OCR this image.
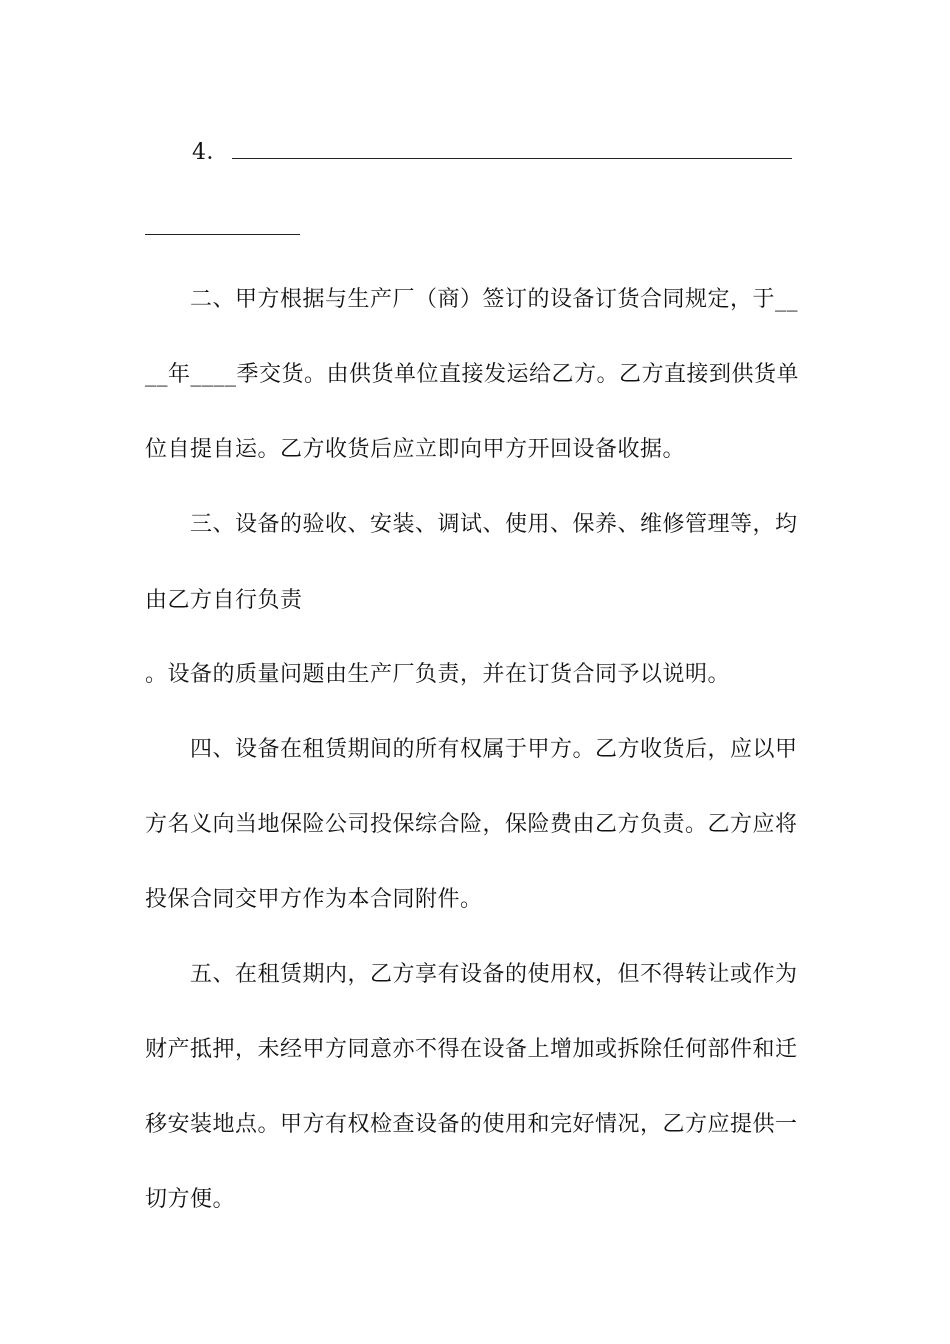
4．
二、甲方根据与生产厂（商）签订的设备订货合同规定，于__
__年____季交货。由供货单位直接发运给乙方。乙方直接到供货单
位自提自运。乙方收货后应立即向甲方开回设备收据。
三、设备的验收、安装、调试、使用、保养、维修管理等，均
由乙方自行负责
。设备的质量问题由生产厂负责，并在订货合同予以说明。
四、设备在租赁期间的所有权属于甲方。乙方收货后，应以甲
方名义向当地保险公司投保综合险，保险费由乙方负责。乙方应将
投保合同交甲方作为本合同附件。
五、在租赁期内，乙方享有设备的使用权，但不得转让或作为
财产抵押，未经甲方同意亦不得在设备上增加或拆除任何部件和迁
移安装地点。甲方有权检查设备的使用和完好情况，乙方应提供一
切方便。
